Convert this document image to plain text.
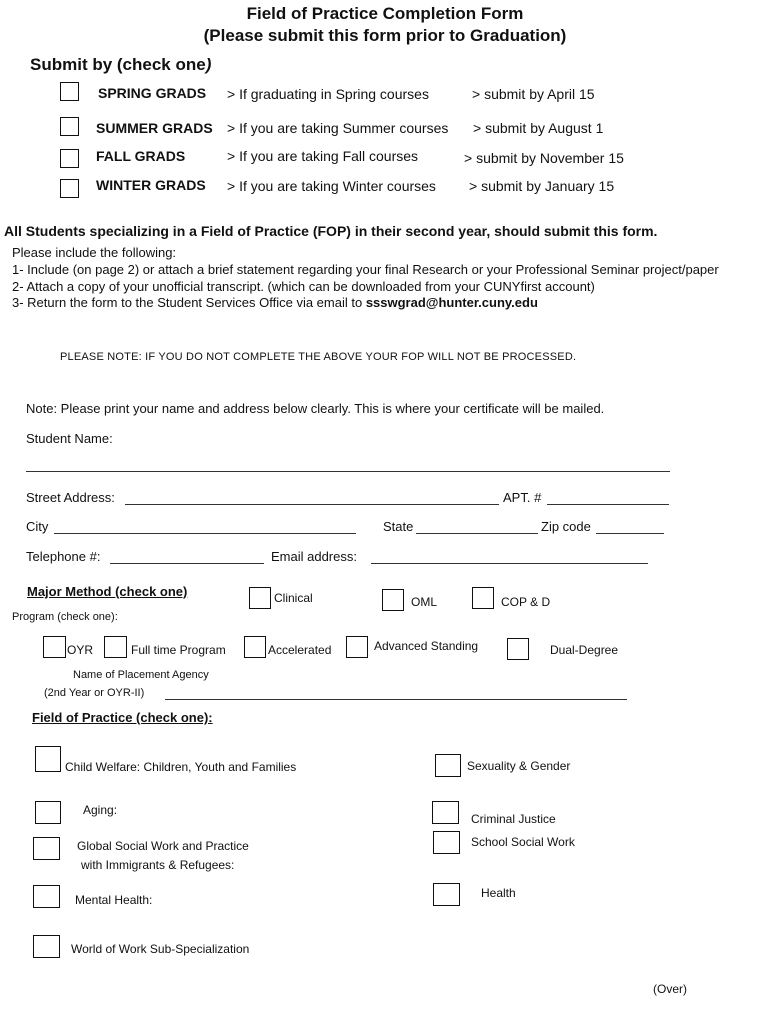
Field of Practice Completion Form
(Please submit this form prior to Graduation)
Submit by (check one)
SPRING GRADS > If graduating in Spring courses	> submit by April 15
SUMMER GRADS > If you are taking Summer courses > submit by August 1
FALL GRADS	> If you are taking Fall courses	> submit by November 15
WINTER GRADS > If you are taking Winter courses > submit by January 15
All Students specializing in a Field of Practice (FOP) in their second year, should submit this form.
Please include the following:
1- Include (on page 2) or attach a brief statement regarding your final Research or your Professional Seminar project/paper
2- Attach a copy of your unofficial transcript. (which can be downloaded from your CUNYfirst account)
3- Return the form to the Student Services Office via email to ssswgrad@hunter.cuny.edu
PLEASE NOTE: IF YOU DO NOT COMPLETE THE ABOVE YOUR FOP WILL NOT BE PROCESSED.
Note: Please print your name and address below clearly. This is where your certificate will be mailed.
Student Name:
Street Address:	APT. #
City	State	Zip code
Telephone #:	Email address:
Major Method (check one)	Clinical	OML	COP & D
Program (check one):
OYR	Full time Program	Accelerated	Advanced Standing	Dual-Degree
Name of Placement Agency
(2nd Year or OYR-II)
Field of Practice (check one):
Child Welfare: Children, Youth and Families
Aging:
Global Social Work and Practice
with Immigrants & Refugees:
Mental Health:
World of Work Sub-Specialization
Sexuality & Gender
Criminal Justice
School Social Work
Health
(Over)
